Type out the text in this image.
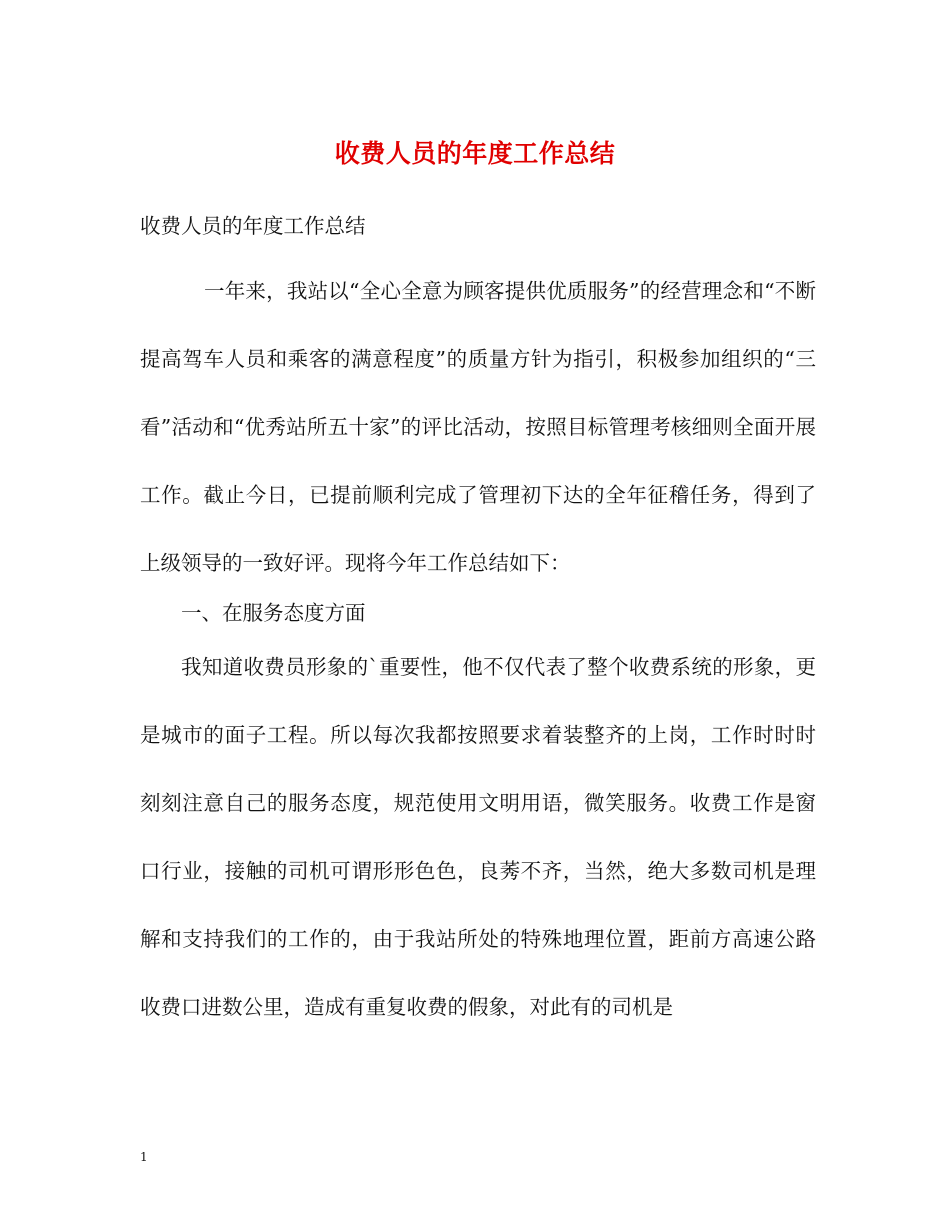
收费人员的年度工作总结

收费人员的年度工作总结

一年来，我站以“全心全意为顾客提供优质服务”的经营理念和“不断提高驾车人员和乘客的满意程度”的质量方针为指引，积极参加组织的“三看”活动和“优秀站所五十家”的评比活动，按照目标管理考核细则全面开展工作。截止今日，已提前顺利完成了管理初下达的全年征稽任务，得到了上级领导的一致好评。现将今年工作总结如下：

一、在服务态度方面

我知道收费员形象的`重要性，他不仅代表了整个收费系统的形象，更是城市的面子工程。所以每次我都按照要求着装整齐的上岗，工作时时时刻刻注意自己的服务态度，规范使用文明用语，微笑服务。收费工作是窗口行业，接触的司机可谓形形色色，良莠不齐，当然，绝大多数司机是理解和支持我们的工作的，由于我站所处的特殊地理位置，距前方高速公路收费口进数公里，造成有重复收费的假象，对此有的司机是

1
